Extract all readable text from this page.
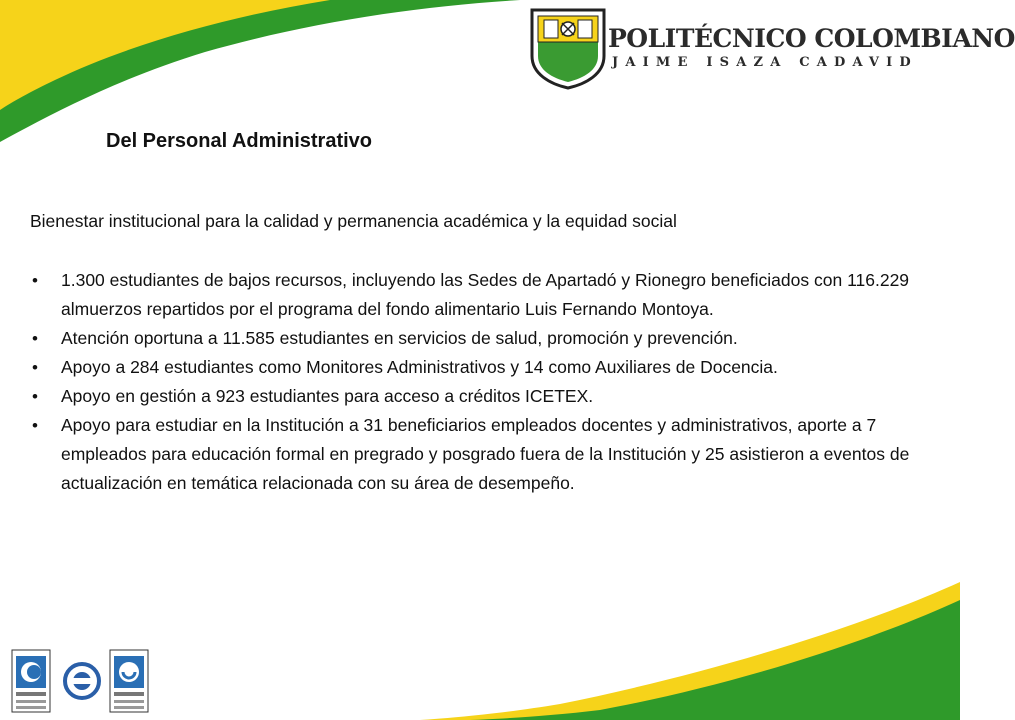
POLITÉCNICO COLOMBIANO
JAIME ISAZA CADAVID
Del Personal Administrativo
Bienestar institucional para la calidad y permanencia académica y la equidad social
• 1.300 estudiantes de bajos recursos, incluyendo las Sedes de Apartadó y Rionegro beneficiados con 116.229 almuerzos repartidos por el programa del fondo alimentario Luis Fernando Montoya.
• Atención oportuna a 11.585 estudiantes en servicios de salud, promoción y prevención.
• Apoyo a 284 estudiantes como Monitores Administrativos y 14 como Auxiliares de Docencia.
• Apoyo en gestión a 923 estudiantes para acceso a créditos ICETEX.
• Apoyo para estudiar en la Institución a 31 beneficiarios empleados docentes y administrativos, aporte a 7 empleados para educación formal en pregrado y posgrado fuera de la Institución y 25 asistieron a eventos de actualización en temática relacionada con su área de desempeño.
